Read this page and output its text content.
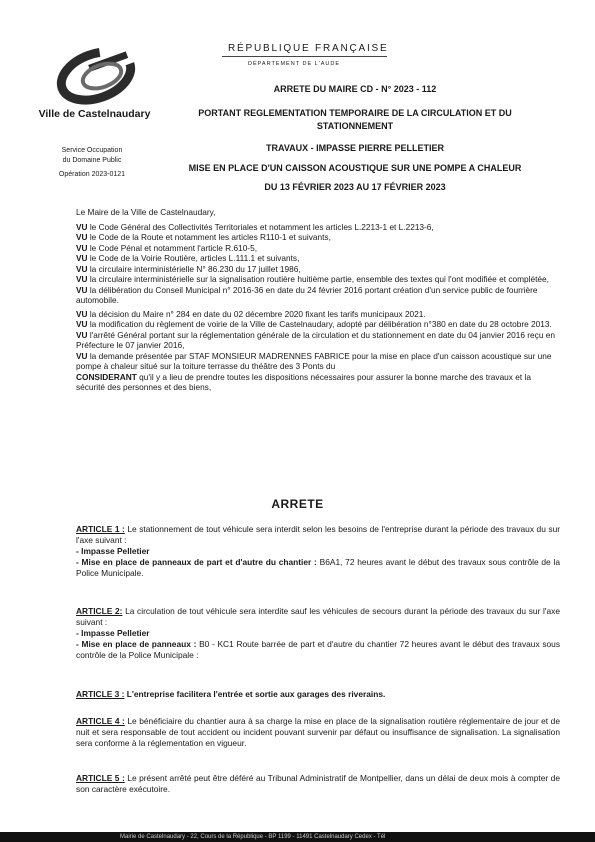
Ville de Castelnaudary
Service Occupation
du Domaine Public
Opération 2023-0121
RÉPUBLIQUE FRANÇAISE
DÉPARTEMENT DE L'AUDE
ARRETE DU MAIRE CD - N° 2023 - 112
PORTANT REGLEMENTATION TEMPORAIRE DE LA CIRCULATION ET DU
STATIONNEMENT
TRAVAUX - IMPASSE PIERRE PELLETIER
MISE EN PLACE D'UN CAISSON ACOUSTIQUE SUR UNE POMPE A CHALEUR
DU 13 FÉVRIER 2023 AU 17 FÉVRIER 2023

Le Maire de la Ville de Castelnaudary,

VU le Code Général des Collectivités Territoriales et notamment les articles L.2213-1 et L.2213-6,

VU le Code de la Route et notamment les articles R110-1 et suivants,

VU le Code Pénal et notamment l'article R.610-5,

VU le Code de la Voirie Routière, articles L.111.1 et suivants,

VU la circulaire interministérielle N° 86.230 du 17 juillet 1986,

VU la circulaire interministérielle sur la signalisation routière huitième partie, ensemble des textes qui l'ont modifiée et complétée,

VU la délibération du Conseil Municipal n° 2016-36 en date du 24 février 2016 portant création d'un service public de fourrière automobile.

VU la décision du Maire n° 284 en date du 02 décembre 2020 fixant les tarifs municipaux 2021.

VU la modification du règlement de voirie de la Ville de Castelnaudary, adopté par délibération n°380 en date du 28 octobre 2013.

VU l'arrêté Général portant sur la réglementation générale de la circulation et du stationnement en date du 04 janvier 2016 reçu en Préfecture le 07 janvier 2016,

VU la demande présentée par STAF MONSIEUR MADRENNES FABRICE pour la mise en place d'un caisson acoustique sur une pompe à chaleur situé sur la toiture terrasse du théâtre des 3 Ponts du

CONSIDERANT qu'il y a lieu de prendre toutes les dispositions nécessaires pour assurer la bonne marche des travaux et la sécurité des personnes et des biens,

ARRETE

ARTICLE 1 : Le stationnement de tout véhicule sera interdit selon les besoins de l'entreprise durant la période des travaux du sur l'axe suivant :

- Impasse Pelletier

- Mise en place de panneaux de part et d'autre du chantier : B6A1, 72 heures avant le début des travaux sous contrôle de la Police Municipale.

ARTICLE 2: La circulation de tout véhicule sera interdite sauf les véhicules de secours durant la période des travaux du sur l'axe suivant :

- Impasse Pelletier

- Mise en place de panneaux : B0 - KC1 Route barrée de part et d'autre du chantier 72 heures avant le début des travaux sous contrôle de la Police Municipale :

ARTICLE 3 : L'entreprise facilitera l'entrée et sortie aux garages des riverains.

ARTICLE 4 : Le bénéficiaire du chantier aura à sa charge la mise en place de la signalisation routière réglementaire de jour et de nuit et sera responsable de tout accident ou incident pouvant survenir par défaut ou insuffisance de signalisation. La signalisation sera conforme à la réglementation en vigueur.

ARTICLE 5 : Le présent arrêté peut être déféré au Tribunal Administratif de Montpellier, dans un délai de deux mois à compter de son caractère exécutoire.

Mairie de Castelnaudary - 22, Cours de la République - BP 1199 - 11491 Castelnaudary Cedex - Tél
